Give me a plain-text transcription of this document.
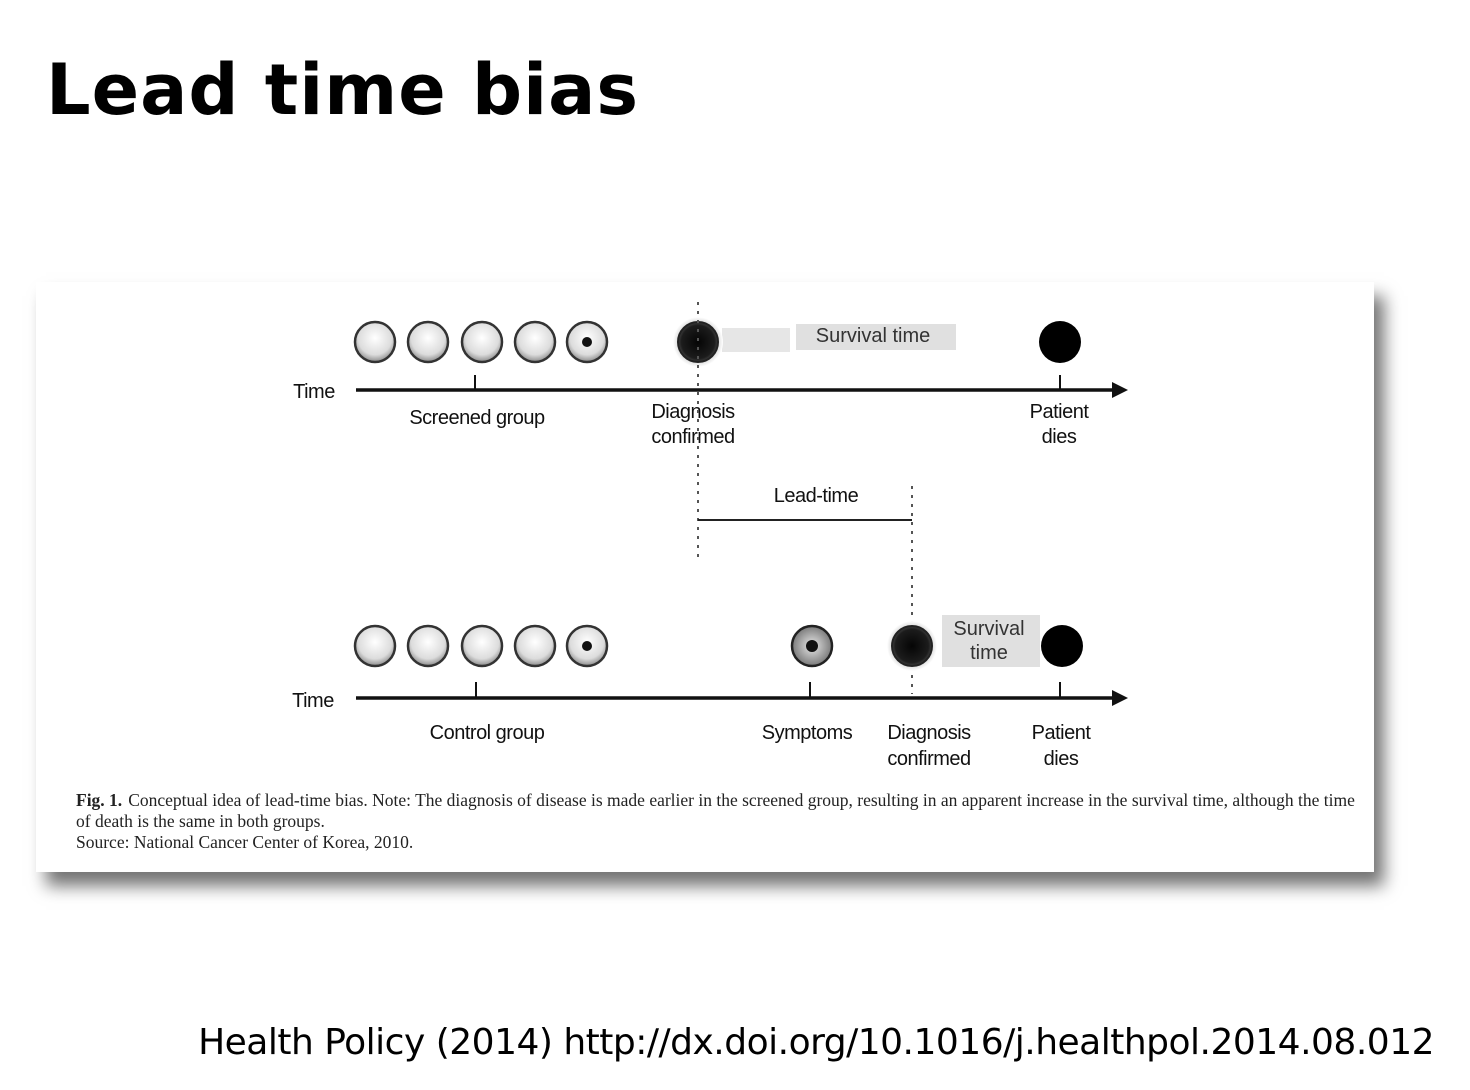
Lead time bias
Survival time
Time
Screened group	Diagnosis
confirmed
Patient
dies
Lead-time
Survival
time
Time
Control group	Symptoms Diagnosis
confirmed
Patient
dies
Fig. 1. Conceptual idea of lead-time bias. Note: The diagnosis of disease is made earlier in the screened group, resulting in an apparent increase in the survival time, although the time of death is the same in both groups.
Source: National Cancer Center of Korea, 2010.
Health Policy (2014) http://dx.doi.org/10.1016/j.healthpol.2014.08.012
